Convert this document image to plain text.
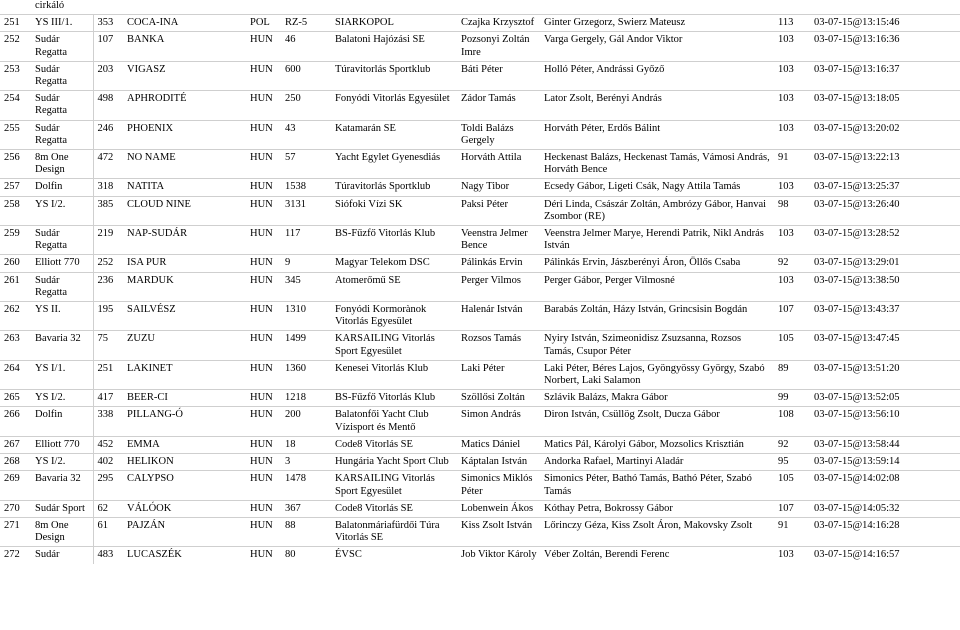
	cirkáló									
251	YS III/1.	353	COCA-INA	POL	RZ-5	SIARKOPOL	Czajka Krzysztof	Ginter Grzegorz, Swierz Mateusz	113	03-07-15@13:15:46
252	Sudár Regatta	107	BANKA	HUN	46	Balatoni Hajózási SE	Pozsonyi Zoltán Imre	Varga Gergely, Gál Andor Viktor	103	03-07-15@13:16:36
253	Sudár Regatta	203	VIGASZ	HUN	600	Túravitorlás Sportklub	Báti Péter	Holló Péter, Andrássi Győző	103	03-07-15@13:16:37
254	Sudár Regatta	498	APHRODITÉ	HUN	250	Fonyódi Vitorlás Egyesület	Zádor Tamás	Lator Zsolt, Berényi András	103	03-07-15@13:18:05
255	Sudár Regatta	246	PHOENIX	HUN	43	Katamarán SE	Toldi Balázs Gergely	Horváth Péter, Erdős Bálint	103	03-07-15@13:20:02
256	8m One Design	472	NO NAME	HUN	57	Yacht Egylet Gyenesdiás	Horváth Attila	Heckenast Balázs, Heckenast Tamás, Vámosi András, Horváth Bence	91	03-07-15@13:22:13
257	Dolfin	318	NATITA	HUN	1538	Túravitorlás Sportklub	Nagy Tibor	Ecsedy Gábor, Ligeti Csák, Nagy Attila Tamás	103	03-07-15@13:25:37
258	YS I/2.	385	CLOUD NINE	HUN	3131	Siófoki Vízi SK	Paksi Péter	Déri Linda, Császár Zoltán, Ambrózy Gábor, Hanvai Zsombor (RE)	98	03-07-15@13:26:40
259	Sudár Regatta	219	NAP-SUDÁR	HUN	117	BS-Fűzfő Vitorlás Klub	Veenstra Jelmer Bence	Veenstra Jelmer Marye, Herendi Patrik, Nikl András István	103	03-07-15@13:28:52
260	Elliott 770	252	ISA PUR	HUN	9	Magyar Telekom DSC	Pálinkás Ervin	Pálinkás Ervin, Jászberényi Áron, Öllős Csaba	92	03-07-15@13:29:01
261	Sudár Regatta	236	MARDUK	HUN	345	Atomerőmű SE	Perger Vilmos	Perger Gábor, Perger Vilmosné	103	03-07-15@13:38:50
262	YS II.	195	SAILVÉSZ	HUN	1310	Fonyódi Kormorànok Vitorlás Egyesület	Halenár István	Barabás Zoltán, Házy István, Grincsisin Bogdán	107	03-07-15@13:43:37
263	Bavaria 32	75	ZUZU	HUN	1499	KARSAILING Vitorlás Sport Egyesület	Rozsos Tamás	Nyiry István, Szimeonidisz Zsuzsanna, Rozsos Tamás, Csupor Péter	105	03-07-15@13:47:45
264	YS I/1.	251	LAKINET	HUN	1360	Kenesei Vitorlás Klub	Laki Péter	Laki Péter, Béres Lajos, Gyöngyössy György, Szabó Norbert, Laki Salamon	89	03-07-15@13:51:20
265	YS I/2.	417	BEER-CI	HUN	1218	BS-Fűzfő Vitorlás Klub	Szöllősi Zoltán	Szlávik Balázs, Makra Gábor	99	03-07-15@13:52:05
266	Dolfin	338	PILLANG-Ó	HUN	200	Balatonfői Yacht Club Vízisport és Mentő	Simon András	Diron István, Csüllög Zsolt, Ducza Gábor	108	03-07-15@13:56:10
267	Elliott 770	452	EMMA	HUN	18	Code8 Vitorlás SE	Matics Dániel	Matics Pál, Károlyi Gábor, Mozsolics Krisztián	92	03-07-15@13:58:44
268	YS I/2.	402	HELIKON	HUN	3	Hungária Yacht Sport Club	Káptalan István	Andorka Rafael, Martinyi Aladár	95	03-07-15@13:59:14
269	Bavaria 32	295	CALYPSO	HUN	1478	KARSAILING Vitorlás Sport Egyesület	Simonics Miklós Péter	Simonics Péter, Bathó Tamás, Bathó Péter, Szabó Tamás	105	03-07-15@14:02:08
270	Sudár Sport	62	VÁLÓOK	HUN	367	Code8 Vitorlás SE	Lobenwein Ákos	Kóthay Petra, Bokrossy Gábor	107	03-07-15@14:05:32
271	8m One Design	61	PAJZÁN	HUN	88	Balatonmáriafürdői Túra Vitorlás SE	Kiss Zsolt István	Lőrinczy Géza, Kiss Zsolt Áron, Makovsky Zsolt	91	03-07-15@14:16:28
272	Sudár	483	LUCASZÉK	HUN	80	ÉVSC	Job Viktor Károly	Véber Zoltán, Berendi Ferenc	103	03-07-15@14:16:57
